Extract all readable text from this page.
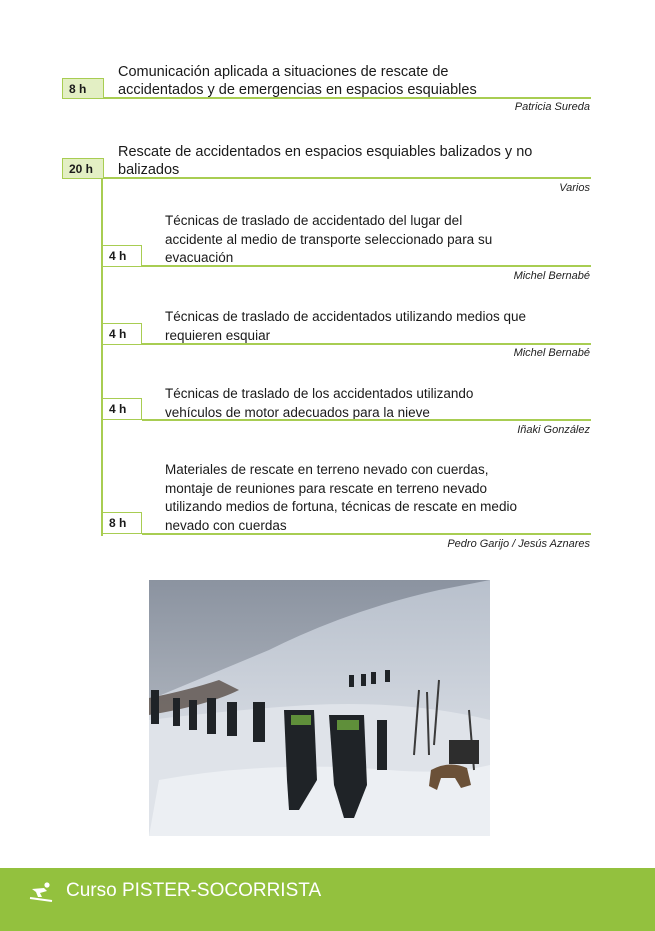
8 h
Comunicación aplicada a situaciones de rescate de
accidentados y de emergencias en espacios esquiables
Patricia Sureda
20 h
Rescate de accidentados en espacios esquiables balizados y no
balizados
Varios
Técnicas de traslado de accidentado del lugar del
accidente al medio de transporte seleccionado para su
evacuación
4 h
Michel Bernabé
Técnicas de traslado de accidentados utilizando medios que
requieren esquiar
4 h
Michel Bernabé
Técnicas de traslado de los accidentados utilizando
vehículos de motor adecuados para la nieve
4 h
Iñaki González
Materiales de rescate en terreno nevado con cuerdas,
montaje de reuniones para rescate en terreno nevado
utilizando medios de fortuna, técnicas de rescate en medio
nevado con cuerdas
8 h
Pedro Garijo / Jesús Aznares
Curso PISTER-SOCORRISTA
